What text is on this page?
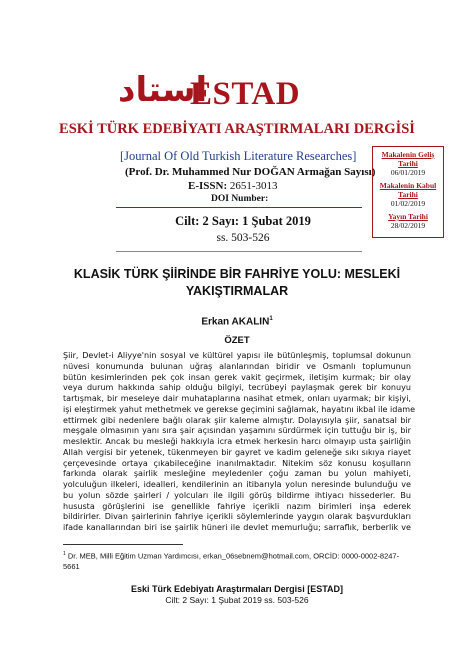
استاد
ESTAD
ESKİ TÜRK EDEBİYATI ARAŞTIRMALARI DERGİSİ
[Journal Of Old Turkish Literature Researches]
(Prof. Dr. Muhammed Nur DOĞAN Armağan Sayısı)
E-ISSN: 2651-3013
DOI Number:
Cilt: 2 Sayı: 1 Şubat 2019
ss. 503-526
Makalenin Geliş Tarihi
06/01/2019
Makalenin Kabul Tarihi
01/02/2019
Yayın Tarihi
28/02/2019
KLASİK TÜRK ŞİİRİNDE BİR FAHRİYE YOLU: MESLEKİ YAKIŞTIRMALAR
Erkan AKALIN$^1$
ÖZET
Şiir, Devlet-i Aliyye'nin sosyal ve kültürel yapısı ile bütünleşmiş, toplumsal dokunun
nüvesi konumunda bulunan uğraş alanlarından biridir ve Osmanlı toplumunun
bütün kesimlerinden pek çok insan gerek vakit geçirmek, iletişim kurmak; bir olay
veya durum hakkında sahip olduğu bilgiyi, tecrübeyi paylaşmak gerek bir konuyu
tartışmak, bir meseleye dair muhataplarına nasihat etmek, onları uyarmak; bir kişiyi,
işi eleştirmek yahut methetmek ve gerekse geçimini sağlamak, hayatını ikbal ile idame
ettirmek gibi nedenlere bağlı olarak şiir kaleme almıştır. Dolayısıyla şiir, sanatsal bir
meşgale olmasının yanı sıra şair açısından yaşamını sürdürmek için tuttuğu bir iş, bir
meslektir. Ancak bu mesleği hakkıyla icra etmek herkesin harcı olmayıp usta şairliğin
Allah vergisi bir yetenek, tükenmeyen bir gayret ve kadim geleneğe sıkı sıkıya riayet
çerçevesinde ortaya çıkabileceğine inanılmaktadır. Nitekim söz konusu koşulların
farkında olarak şairlik mesleğine meyledenler çoğu zaman bu yolun mahiyeti,
yolculuğun ilkeleri, idealleri, kendilerinin an itibarıyla yolun neresinde bulunduğu ve
bu yolun sözde şairleri / yolcuları ile ilgili görüş bildirme ihtiyacı hissederler. Bu
hususta görüşlerini ise genellikle fahriye içerikli nazım birimleri inşa ederek
bildirirler. Divan şairlerinin fahriye içerikli söylemlerinde yaygın olarak başvurdukları
ifade kanallarından biri ise şairlik hüneri ile devlet memurluğu; sarraflık, berberlik ve
$^1$ Dr. MEB, Milli Eğitim Uzman Yardımcısı, erkan_06sebnem@hotmail.com, ORCİD: 0000-0002-8247-5661
Eski Türk Edebiyatı Araştırmaları Dergisi [ESTAD]
Cilt: 2 Sayı: 1 Şubat 2019 ss. 503-526
